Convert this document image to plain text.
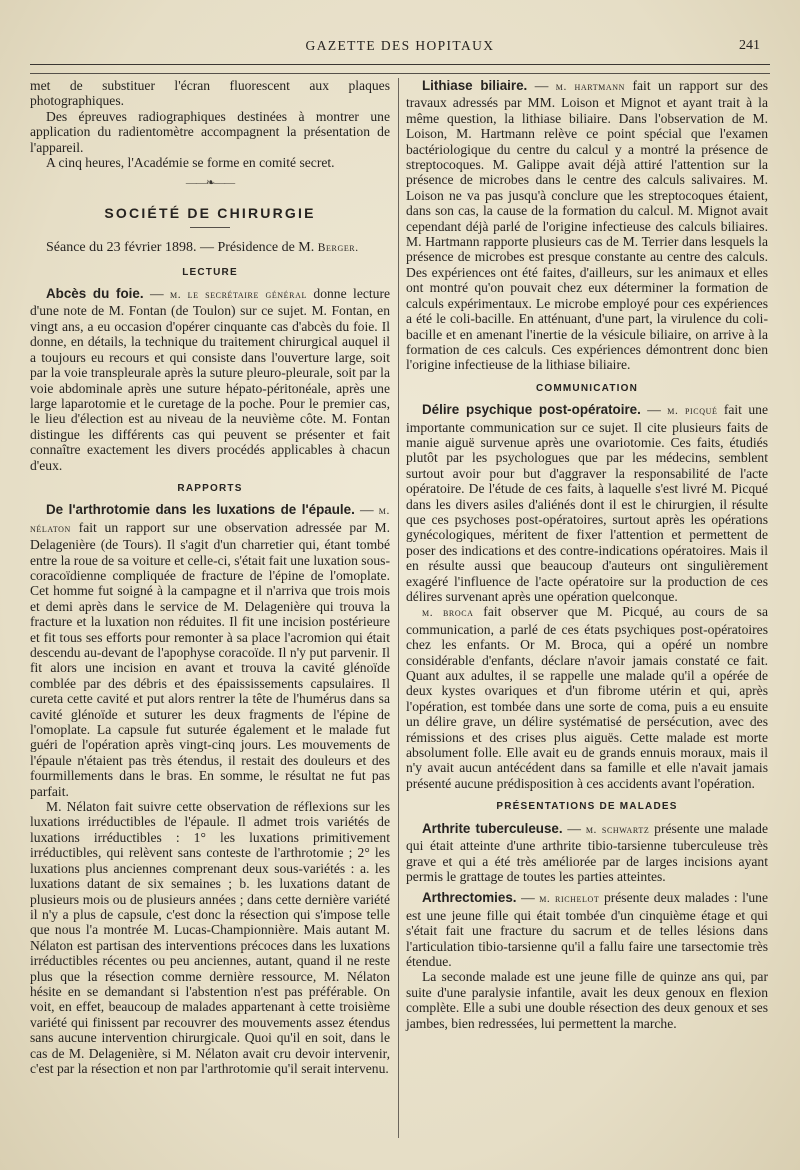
GAZETTE DES HOPITAUX	241

met de substituer l'écran fluorescent aux plaques photographiques.

Des épreuves radiographiques destinées à montrer une application du radientomètre accompagnent la présentation de l'appareil.

A cinq heures, l'Académie se forme en comité secret.

——❧——
SOCIÉTÉ DE CHIRURGIE

Séance du 23 février 1898. — Présidence de M. Berger.

LECTURE

Abcès du foie. — m. le secrétaire général donne lecture d'une note de M. Fontan (de Toulon) sur ce sujet. M. Fontan, en vingt ans, a eu occasion d'opérer cinquante cas d'abcès du foie. Il donne, en détails, la technique du traitement chirurgical auquel il a toujours eu recours et qui consiste dans l'ouverture large, soit par la voie transpleurale après la suture pleuro-pleurale, soit par la voie abdominale après une suture hépato-péritonéale, après une large laparotomie et le curetage de la poche. Pour le premier cas, le lieu d'élection est au niveau de la neuvième côte. M. Fontan distingue les différents cas qui peuvent se présenter et fait connaître exactement les divers procédés applicables à chacun d'eux.

RAPPORTS

De l'arthrotomie dans les luxations de l'épaule. — m. nélaton fait un rapport sur une observation adressée par M. Delagenière (de Tours). Il s'agit d'un charretier qui, étant tombé entre la roue de sa voiture et celle-ci, s'était fait une luxation sous-coracoïdienne compliquée de fracture de l'épine de l'omoplate. Cet homme fut soigné à la campagne et il n'arriva que trois mois et demi après dans le service de M. Delagenière qui trouva la fracture et la luxation non réduites. Il fit une incision postérieure et fit tous ses efforts pour remonter à sa place l'acromion qui était descendu au-devant de l'apophyse coracoïde. Il n'y put parvenir. Il fit alors une incision en avant et trouva la cavité glénoïde comblée par des débris et des épaississements capsulaires. Il cureta cette cavité et put alors rentrer la tête de l'humérus dans sa cavité glénoïde et suturer les deux fragments de l'épine de l'omoplate. La capsule fut suturée également et le malade fut guéri de l'opération après vingt-cinq jours. Les mouvements de l'épaule n'étaient pas très étendus, il restait des douleurs et des fourmillements dans le bras. En somme, le résultat ne fut pas parfait.

M. Nélaton fait suivre cette observation de réflexions sur les luxations irréductibles de l'épaule. Il admet trois variétés de luxations irréductibles : 1° les luxations primitivement irréductibles, qui relèvent sans conteste de l'arthrotomie ; 2° les luxations plus anciennes comprenant deux sous-variétés : a. les luxations datant de six semaines ; b. les luxations datant de plusieurs mois ou de plusieurs années ; dans cette dernière variété il n'y a plus de capsule, c'est donc la résection qui s'impose telle que nous l'a montrée M. Lucas-Championnière. Mais autant M. Nélaton est partisan des interventions précoces dans les luxations irréductibles récentes ou peu anciennes, autant, quand il ne reste plus que la résection comme dernière ressource, M. Nélaton hésite en se demandant si l'abstention n'est pas préférable. On voit, en effet, beaucoup de malades appartenant à cette troisième variété qui finissent par recouvrer des mouvements assez étendus sans aucune intervention chirurgicale. Quoi qu'il en soit, dans le cas de M. Delagenière, si M. Nélaton avait cru devoir intervenir, c'est par la résection et non par l'arthrotomie qu'il serait intervenu.

Lithiase biliaire. — m. hartmann fait un rapport sur des travaux adressés par MM. Loison et Mignot et ayant trait à la même question, la lithiase biliaire. Dans l'observation de M. Loison, M. Hartmann relève ce point spécial que l'examen bactériologique du centre du calcul y a montré la présence de streptocoques. M. Galippe avait déjà attiré l'attention sur la présence de microbes dans le centre des calculs salivaires. M. Loison ne va pas jusqu'à conclure que les streptocoques étaient, dans son cas, la cause de la formation du calcul. M. Mignot avait cependant déjà parlé de l'origine infectieuse des calculs biliaires. M. Hartmann rapporte plusieurs cas de M. Terrier dans lesquels la présence de microbes est presque constante au centre des calculs. Des expériences ont été faites, d'ailleurs, sur les animaux et elles ont montré qu'on pouvait chez eux déterminer la formation de calculs expérimentaux. Le microbe employé pour ces expériences a été le coli-bacille. En atténuant, d'une part, la virulence du coli-bacille et en amenant l'inertie de la vésicule biliaire, on arrive à la formation de ces calculs. Ces expériences démontrent donc bien l'origine infectieuse de la lithiase biliaire.

COMMUNICATION

Délire psychique post-opératoire. — m. picqué fait une importante communication sur ce sujet. Il cite plusieurs faits de manie aiguë survenue après une ovariotomie. Ces faits, étudiés plutôt par les psychologues que par les médecins, semblent surtout avoir pour but d'aggraver la responsabilité de l'acte opératoire. De l'étude de ces faits, à laquelle s'est livré M. Picqué dans les divers asiles d'aliénés dont il est le chirurgien, il résulte que ces psychoses post-opératoires, surtout après les opérations gynécologiques, méritent de fixer l'attention et permettent de poser des indications et des contre-indications opératoires. Mais il en résulte aussi que beaucoup d'auteurs ont singulièrement exagéré l'influence de l'acte opératoire sur la production de ces délires survenant après une opération quelconque.

m. broca fait observer que M. Picqué, au cours de sa communication, a parlé de ces états psychiques post-opératoires chez les enfants. Or M. Broca, qui a opéré un nombre considérable d'enfants, déclare n'avoir jamais constaté ce fait. Quant aux adultes, il se rappelle une malade qu'il a opérée de deux kystes ovariques et d'un fibrome utérin et qui, après l'opération, est tombée dans une sorte de coma, puis a eu ensuite un délire grave, un délire systématisé de persécution, avec des rémissions et des crises plus aiguës. Cette malade est morte absolument folle. Elle avait eu de grands ennuis moraux, mais il n'y avait aucun antécédent dans sa famille et elle n'avait jamais présenté aucune prédisposition à ces accidents avant l'opération.

PRÉSENTATIONS DE MALADES

Arthrite tuberculeuse. — m. schwartz présente une malade qui était atteinte d'une arthrite tibio-tarsienne tuberculeuse très grave et qui a été très améliorée par de larges incisions ayant permis le grattage de toutes les parties atteintes.

Arthrectomies. — m. richelot présente deux malades : l'une est une jeune fille qui était tombée d'un cinquième étage et qui s'était fait une fracture du sacrum et de telles lésions dans l'articulation tibio-tarsienne qu'il a fallu faire une tarsectomie très étendue.

La seconde malade est une jeune fille de quinze ans qui, par suite d'une paralysie infantile, avait les deux genoux en flexion complète. Elle a subi une double résection des deux genoux et ses jambes, bien redressées, lui permettent la marche.
